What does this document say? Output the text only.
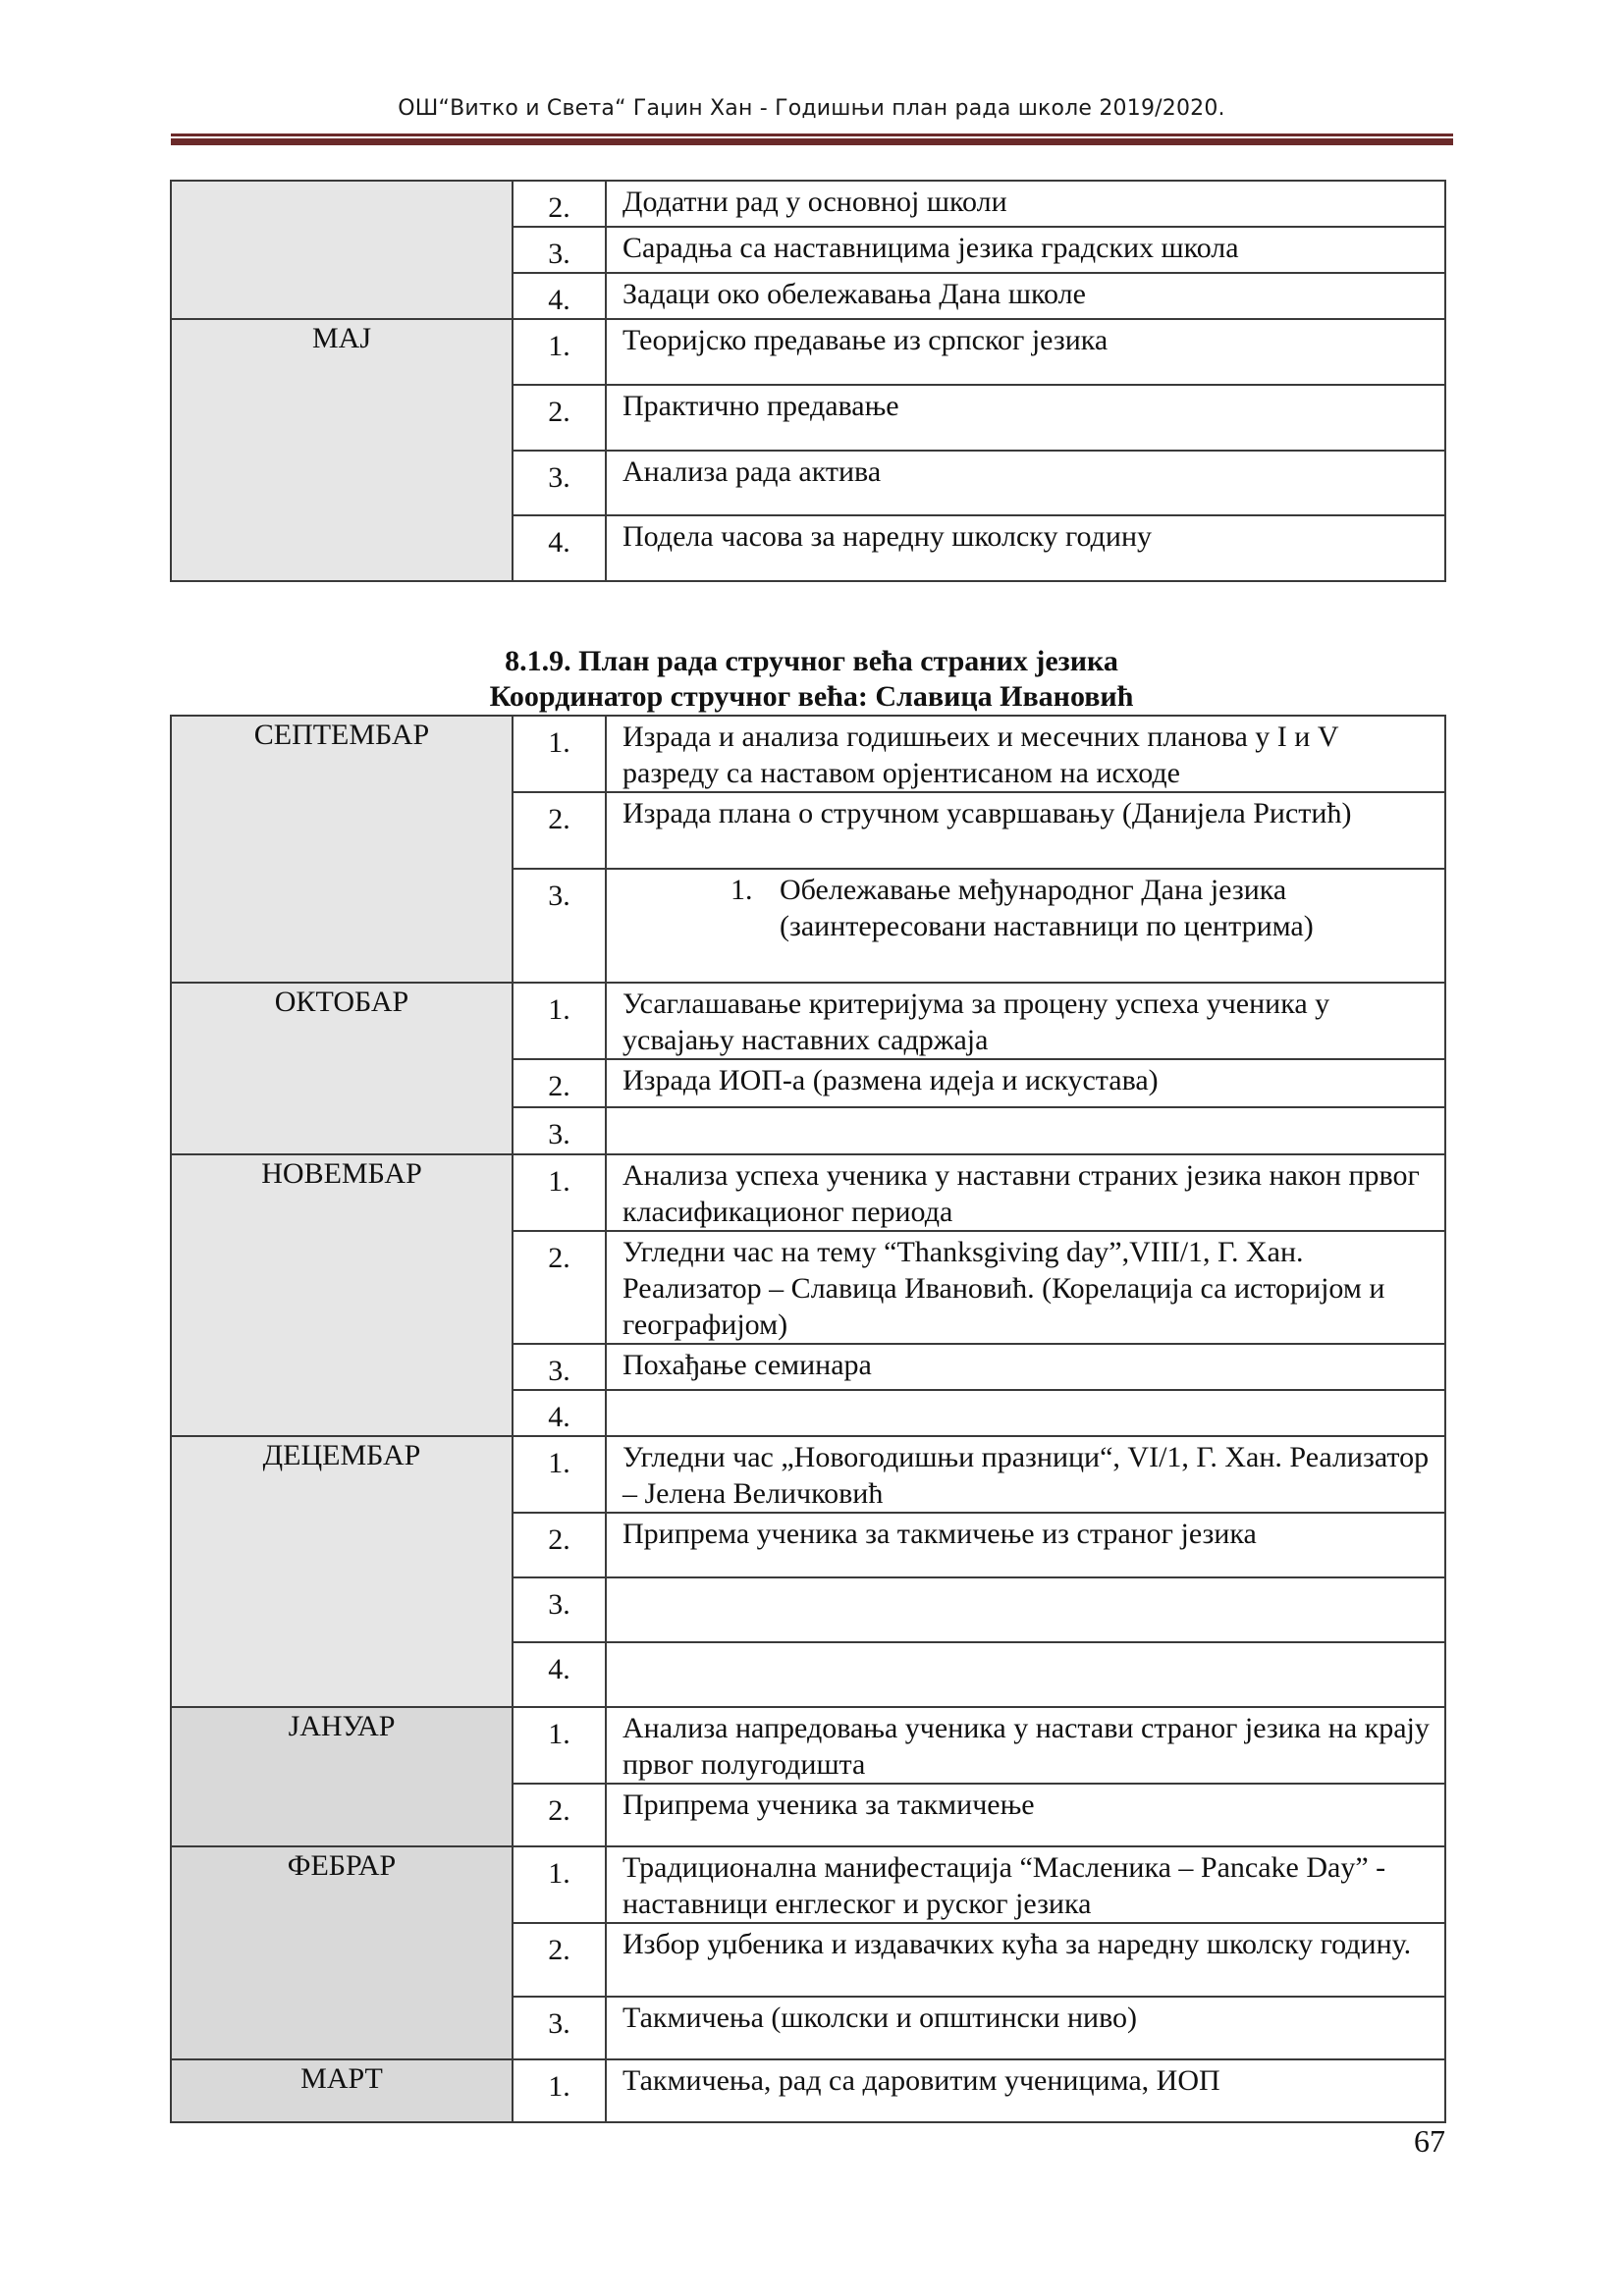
ОШ“Витко и Света“ Гаџин Хан - Годишњи план рада школе 2019/2020.
	2.	Додатни рад у основној школи
	3.	Сарадња са наставницима језика градских школа
	4.	Задаци око обележавања Дана школе
МАЈ	1.	Теоријско предавање из српског језика
	2.	Практично предавање
	3.	Анализа рада актива
	4.	Подела часова за наредну школску годину
8.1.9. План рада стручног већа страних језика
Координатор стручног већа: Славица Ивановић
СЕПТЕМБАР	1.	Израда и анализа годишњеих и месечних планова у I и V разреду са наставом орјентисаном на исходе
	2.	Израда плана о стручном усавршавању (Данијела Ристић)
	3.	1. Обележавање међународног Дана језика (заинтересовани наставници по центрима)

ОКТОБАР	1.	Усаглашавање критеријума за процену успеха ученика у усвајању наставних садржаја
	2.	Израда ИОП-а (размена идеја и искустава)
	3.	
НОВЕМБАР	1.	Анализа успеха ученика у наставни страних језика након првог класификационог периода
	2.	Угледни час на тему “Thanksgiving day”,VIII/1, Г. Хан. Реализатор – Славица Ивановић. (Корелација са историјом и географијом)
	3.	Похађање семинара
	4.	
ДЕЦЕМБАР	1.	Угледни час „Новогодишњи празници“, VI/1, Г. Хан. Реализатор – Јелена Величковић
	2.	Припрема ученика за такмичење из страног језика
	3.	
	4.	
ЈАНУАР	1.	Анализа напредовања ученика у настави страног језика на крају првог полугодишта
	2.	Припрема ученика за такмичење
ФЕБРАР	1.	Традиционална манифестација “Масленика – Pancake Day” - наставници енглеског и руског језика
	2.	Избор уџбеника и издавачких кућа за наредну школску годину.
	3.	Такмичења (школски и општински ниво)
МАРТ	1.	Такмичења, рад са даровитим ученицима, ИОП
67
